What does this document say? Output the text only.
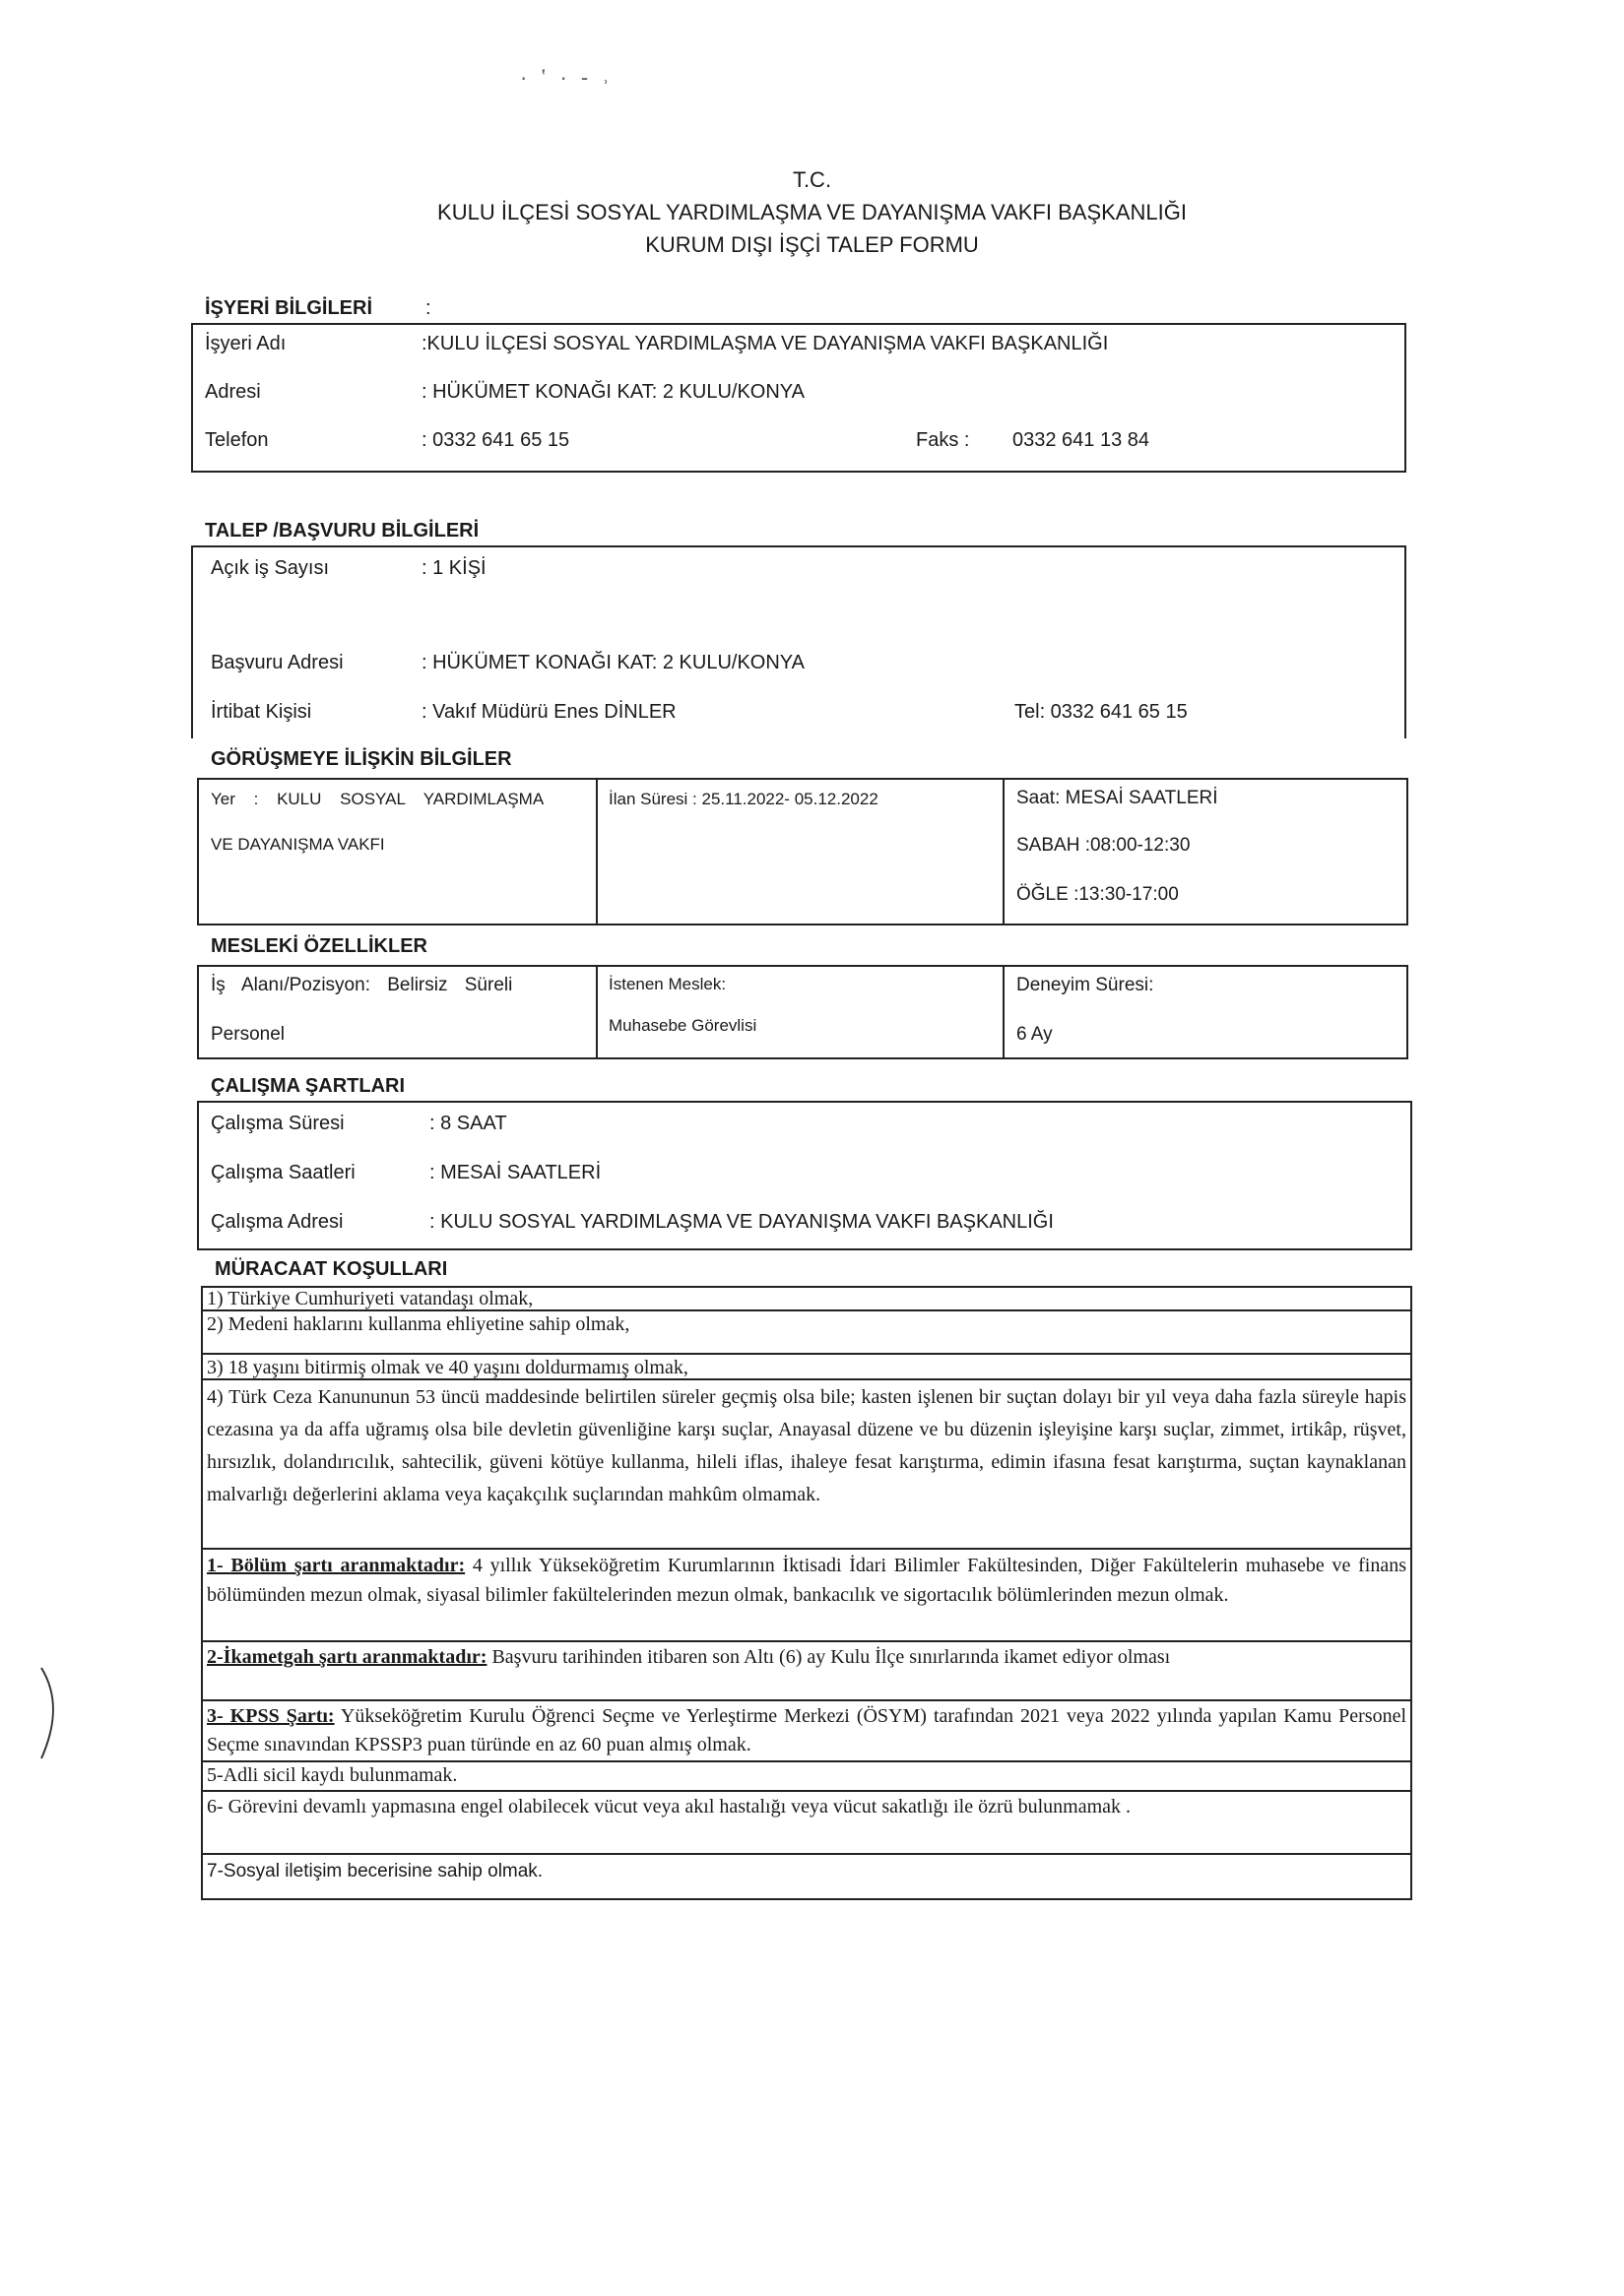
· ‛ · ‐ ˒
T.C.
KULU İLÇESİ SOSYAL YARDIMLAŞMA VE DAYANIŞMA VAKFI BAŞKANLIĞI
KURUM DIŞI İŞÇİ TALEP FORMU
İŞYERİ BİLGİLERİ	:
İşyeri Adı	:KULU İLÇESİ SOSYAL YARDIMLAŞMA VE DAYANIŞMA VAKFI BAŞKANLIĞI
Adresi	: HÜKÜMET KONAĞI KAT: 2 KULU/KONYA
Telefon	: 0332 641 65 15	Faks : 0332 641 13 84
TALEP /BAŞVURU BİLGİLERİ
Açık iş Sayısı	: 1 KİŞİ
Başvuru Adresi	: HÜKÜMET KONAĞI KAT: 2 KULU/KONYA
İrtibat Kişisi	: Vakıf Müdürü Enes DİNLER	Tel: 0332 641 65 15
GÖRÜŞMEYE İLİŞKİN BİLGİLER
Yer : KULU SOSYAL YARDIMLAŞMA
VE DAYANIŞMA VAKFI
İlan Süresi : 25.11.2022- 05.12.2022	Saat: MESAİ SAATLERİ
SABAH :08:00-12:30
ÖĞLE :13:30-17:00
MESLEKİ ÖZELLİKLER
İş Alanı/Pozisyon: Belirsiz Süreli
Personel
İstenen Meslek:
Muhasebe Görevlisi
Deneyim Süresi:
6 Ay
ÇALIŞMA ŞARTLARI
Çalışma Süresi	: 8 SAAT
Çalışma Saatleri	: MESAİ SAATLERİ
Çalışma Adresi	: KULU SOSYAL YARDIMLAŞMA VE DAYANIŞMA VAKFI BAŞKANLIĞI
MÜRACAAT KOŞULLARI
1) Türkiye Cumhuriyeti vatandaşı olmak,
2) Medeni haklarını kullanma ehliyetine sahip olmak,
3) 18 yaşını bitirmiş olmak ve 40 yaşını doldurmamış olmak,
4) Türk Ceza Kanununun 53 üncü maddesinde belirtilen süreler geçmiş olsa bile; kasten işlenen bir suçtan dolayı bir yıl veya daha fazla süreyle hapis cezasına ya da affa uğramış olsa bile devletin güvenliğine karşı suçlar, Anayasal düzene ve bu düzenin işleyişine karşı suçlar, zimmet, irtikâp, rüşvet, hırsızlık, dolandırıcılık, sahtecilik, güveni kötüye kullanma, hileli iflas, ihaleye fesat karıştırma, edimin ifasına fesat karıştırma, suçtan kaynaklanan malvarlığı değerlerini aklama veya kaçakçılık suçlarından mahkûm olmamak.
1- Bölüm şartı aranmaktadır: 4 yıllık Yükseköğretim Kurumlarının İktisadi İdari Bilimler Fakültesinden, Diğer Fakültelerin muhasebe ve finans bölümünden mezun olmak, siyasal bilimler fakültelerinden mezun olmak, bankacılık ve sigortacılık bölümlerinden mezun olmak.
2-İkametgah şartı aranmaktadır: Başvuru tarihinden itibaren son Altı (6) ay Kulu İlçe sınırlarında ikamet ediyor olması
3- KPSS Şartı: Yükseköğretim Kurulu Öğrenci Seçme ve Yerleştirme Merkezi (ÖSYM) tarafından 2021 veya 2022 yılında yapılan Kamu Personel Seçme sınavından KPSSP3 puan türünde en az 60 puan almış olmak.
5-Adli sicil kaydı bulunmamak.
6- Görevini devamlı yapmasına engel olabilecek vücut veya akıl hastalığı veya vücut sakatlığı ile özrü bulunmamak .
7-Sosyal iletişim becerisine sahip olmak.
